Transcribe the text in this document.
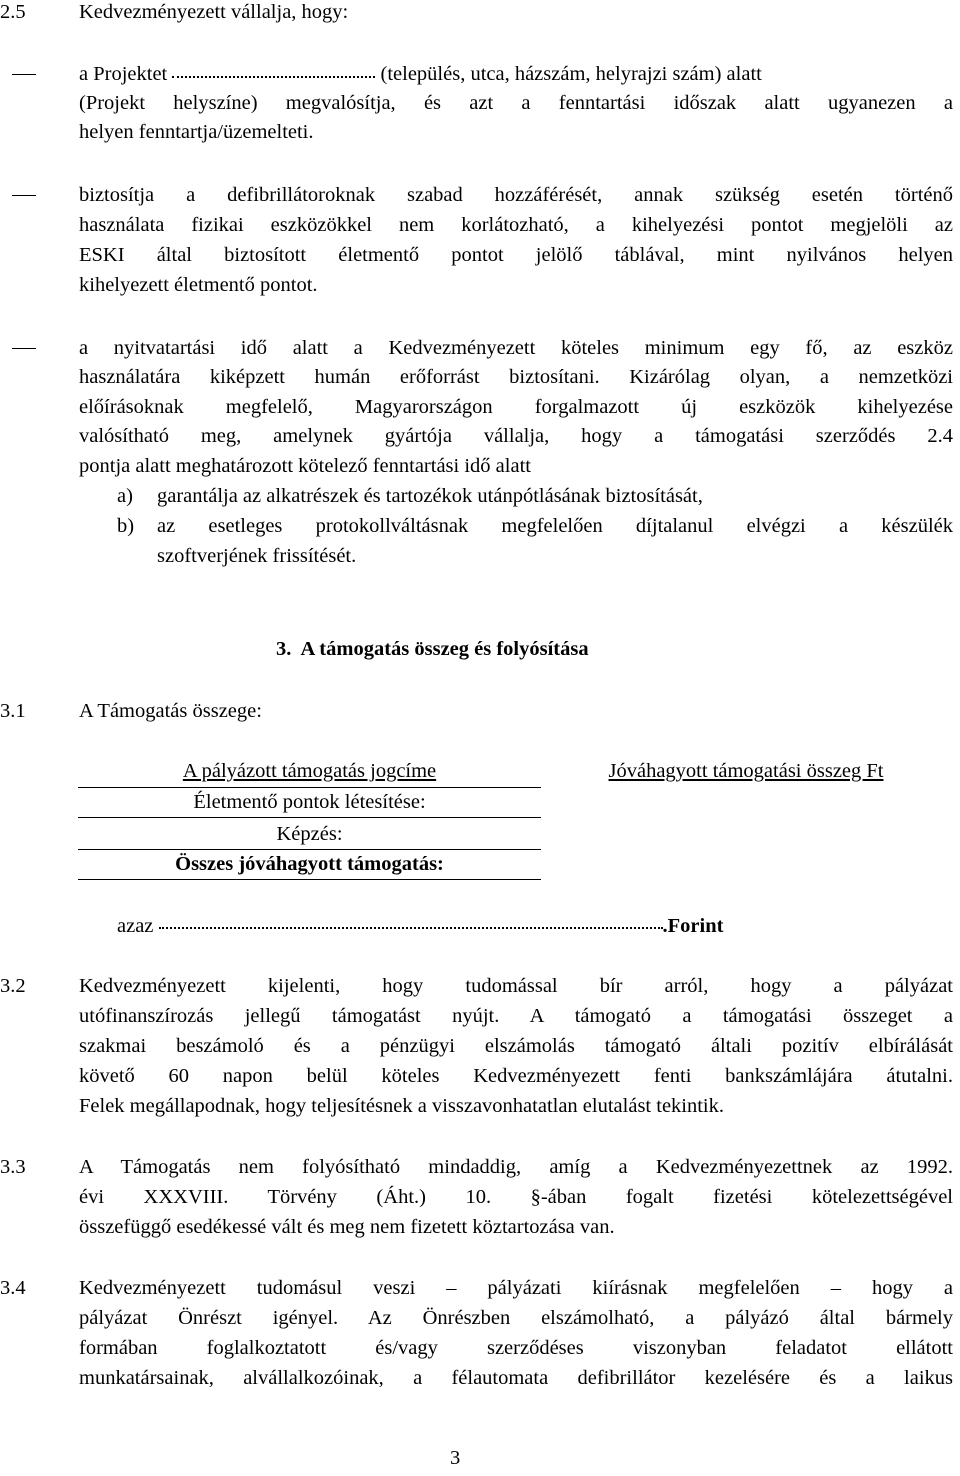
2.5	Kedvezményezett vállalja, hogy:
a Projektet	(település, utca, házszám, helyrajzi szám) alatt
(Projekt helyszíne) megvalósítja, és azt a fenntartási időszak alatt ugyanezen a
helyen fenntartja/üzemelteti.
biztosítja a defibrillátoroknak szabad hozzáférését, annak szükség esetén történő
használata fizikai eszközökkel nem korlátozható, a kihelyezési pontot megjelöli az
ESKI által biztosított életmentő pontot jelölő táblával, mint nyilvános helyen
kihelyezett életmentő pontot.
a nyitvatartási idő alatt a Kedvezményezett köteles minimum egy fő, az eszköz
használatára kiképzett humán erőforrást biztosítani. Kizárólag olyan, a nemzetközi
előírásoknak megfelelő, Magyarországon forgalmazott új eszközök kihelyezése
valósítható meg, amelynek gyártója vállalja, hogy a támogatási szerződés 2.4
pontja alatt meghatározott kötelező fenntartási idő alatt
a) garantálja az alkatrészek és tartozékok utánpótlásának biztosítását,
b) az esetleges protokollváltásnak megfelelően díjtalanul elvégzi a készülék
szoftverjének frissítését.
3.  A támogatás összeg és folyósítása
3.1	A Támogatás összege:
A pályázott támogatás jogcíme	Jóváhagyott támogatási összeg Ft
Életmentő pontok létesítése:
Képzés:
Összes jóváhagyott támogatás:
azaz	.Forint
3.2	Kedvezményezett kijelenti, hogy tudomással bír arról, hogy a pályázat
utófinanszírozás jellegű támogatást nyújt. A támogató a támogatási összeget a
szakmai beszámoló és a pénzügyi elszámolás támogató általi pozitív elbírálását
követő 60 napon belül köteles Kedvezményezett fenti bankszámlájára átutalni.
Felek megállapodnak, hogy teljesítésnek a visszavonhatatlan elutalást tekintik.
3.3	A Támogatás nem folyósítható mindaddig, amíg a Kedvezményezettnek az 1992.
évi XXXVIII. Törvény (Áht.) 10. §-ában fogalt fizetési kötelezettségével
összefüggő esedékessé vált és meg nem fizetett köztartozása van.
3.4	Kedvezményezett tudomásul veszi – pályázati kiírásnak megfelelően – hogy a
pályázat Önrészt igényel. Az Önrészben elszámolható, a pályázó által bármely
formában foglalkoztatott és/vagy szerződéses viszonyban feladatot ellátott
munkatársainak, alvállalkozóinak, a félautomata defibrillátor kezelésére és a laikus
3
